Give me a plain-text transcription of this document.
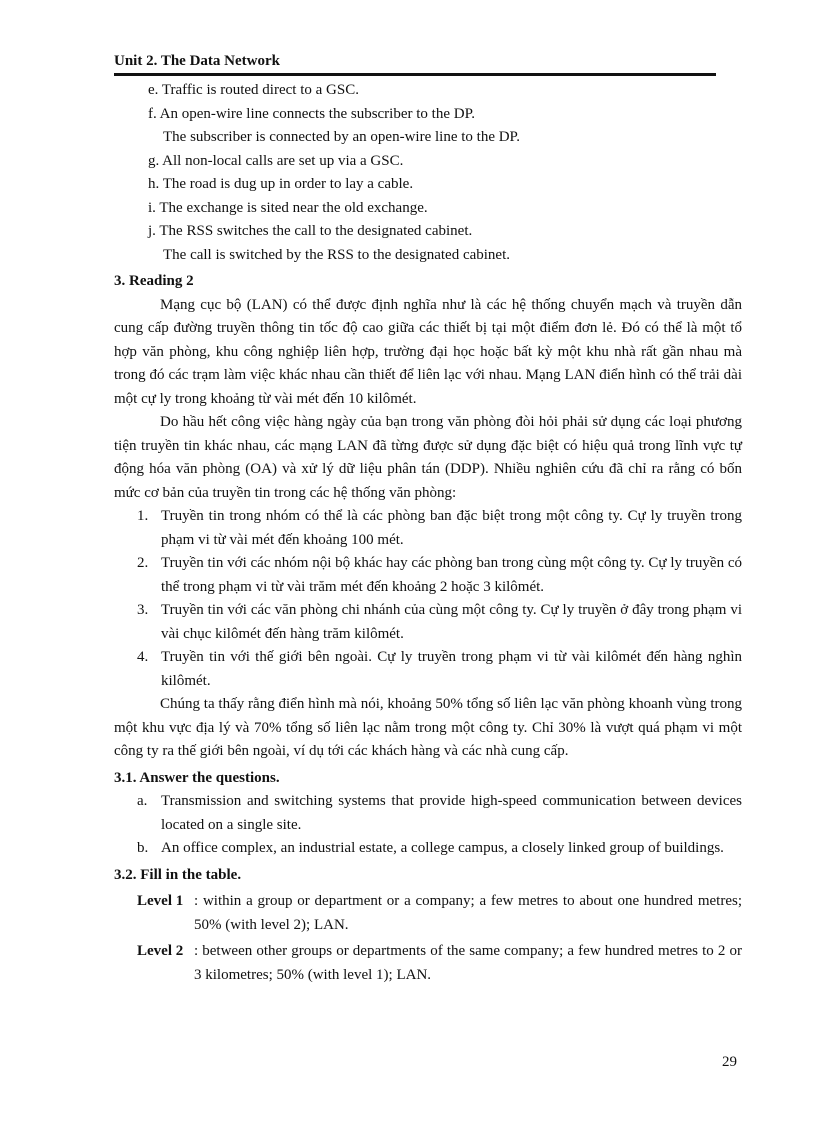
Unit 2. The Data Network

e. Traffic is routed direct to a GSC.

f. An open-wire line connects the subscriber to the DP.

The subscriber is connected by an open-wire line to the DP.

g. All non-local calls are set up via a GSC.

h. The road is dug up in order to lay a cable.

i. The exchange is sited near the old exchange.

j. The RSS switches the call to the designated cabinet.

The call is switched by the RSS to the designated cabinet.

3. Reading 2

Mạng cục bộ (LAN) có thể được định nghĩa như là các hệ thống chuyển mạch và truyền dẫn cung cấp đường truyền thông tin tốc độ cao giữa các thiết bị tại một điểm đơn lẻ. Đó có thể là một tổ hợp văn phòng, khu công nghiệp liên hợp, trường đại học hoặc bất kỳ một khu nhà rất gần nhau mà trong đó các trạm làm việc khác nhau cần thiết để liên lạc với nhau. Mạng LAN điển hình có thể trải dài một cự ly trong khoảng từ vài mét đến 10 kilômét.

Do hầu hết công việc hàng ngày của bạn trong văn phòng đòi hỏi phải sử dụng các loại phương tiện truyền tin khác nhau, các mạng LAN đã từng được sử dụng đặc biệt có hiệu quả trong lĩnh vực tự động hóa văn phòng (OA) và xử lý dữ liệu phân tán (DDP). Nhiều nghiên cứu đã chỉ ra rằng có bốn mức cơ bản của truyền tin trong các hệ thống văn phòng:

1. Truyền tin trong nhóm có thể là các phòng ban đặc biệt trong một công ty. Cự ly truyền trong phạm vi từ vài mét đến khoảng 100 mét.
2. Truyền tin với các nhóm nội bộ khác hay các phòng ban trong cùng một công ty. Cự ly truyền có thể trong phạm vi từ vài trăm mét đến khoảng 2 hoặc 3 kilômét.
3. Truyền tin với các văn phòng chi nhánh của cùng một công ty. Cự ly truyền ở đây trong phạm vi vài chục kilômét đến hàng trăm kilômét.
4. Truyền tin với thế giới bên ngoài. Cự ly truyền trong phạm vi từ vài kilômét đến hàng nghìn kilômét.

Chúng ta thấy rằng điển hình mà nói, khoảng 50% tổng số liên lạc văn phòng khoanh vùng trong một khu vực địa lý và 70% tổng số liên lạc nằm trong một công ty. Chỉ 30% là vượt quá phạm vi một công ty ra thế giới bên ngoài, ví dụ tới các khách hàng và các nhà cung cấp.

3.1. Answer the questions.

a. Transmission and switching systems that provide high-speed communication between devices located on a single site.

b. An office complex, an industrial estate, a college campus, a closely linked group of buildings.

3.2. Fill in the table.

Level 1 : within a group or department or a company; a few metres to about one hundred metres; 50% (with level 2); LAN.

Level 2 : between other groups or departments of the same company; a few hundred metres to 2 or 3 kilometres; 50% (with level 1); LAN.

29
